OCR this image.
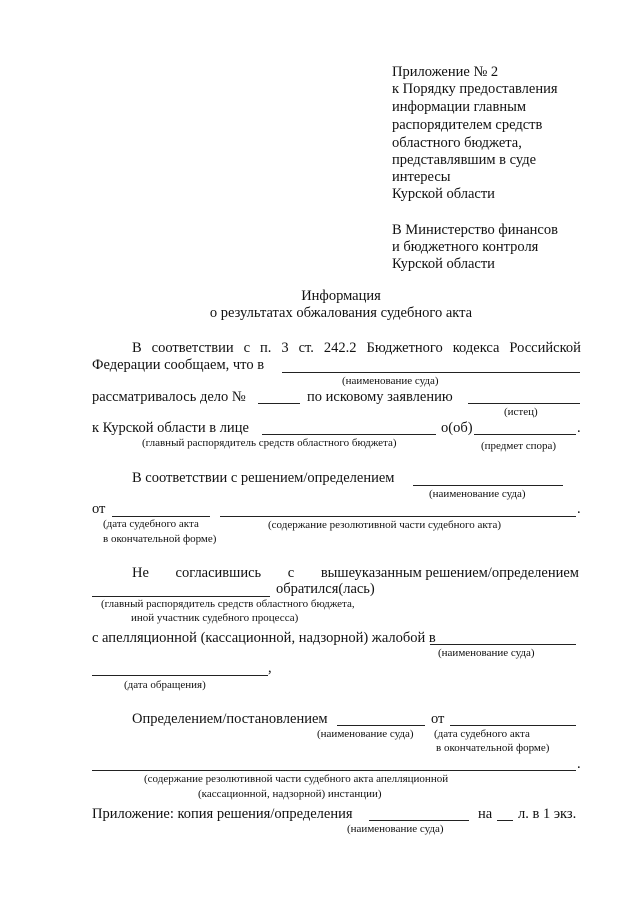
Приложение № 2
к Порядку предоставления
информации главным
распорядителем средств
областного бюджета,
представлявшим в суде
интересы
Курской области
В Министерство финансов
и бюджетного контроля
Курской области
Информация
о результатах обжалования судебного акта
В соответствии с п. 3 ст. 242.2 Бюджетного кодекса Российской
Федерации сообщаем, что в
(наименование суда)
рассматривалось дело №	по исковому заявлению
(истец)
к Курской области в лице	о(об)	.
(главный распорядитель средств областного бюджета)	(предмет спора)
В соответствии с решением/определением
(наименование суда)
от	.
(дата судебного акта
в окончательной форме)
(содержание резолютивной части судебного акта)
Не согласившись с вышеуказанным решением/определением
обратился(лась)
(главный распорядитель средств областного бюджета,
иной участник судебного процесса)
с апелляционной (кассационной, надзорной) жалобой в
(наименование суда)
,
(дата обращения)
Определением/постановлением	от
(наименование суда) (дата судебного акта
в окончательной форме)
.
(содержание резолютивной части судебного акта апелляционной
(кассационной, надзорной) инстанции)
Приложение: копия решения/определения	на л. в 1 экз.
(наименование суда)
